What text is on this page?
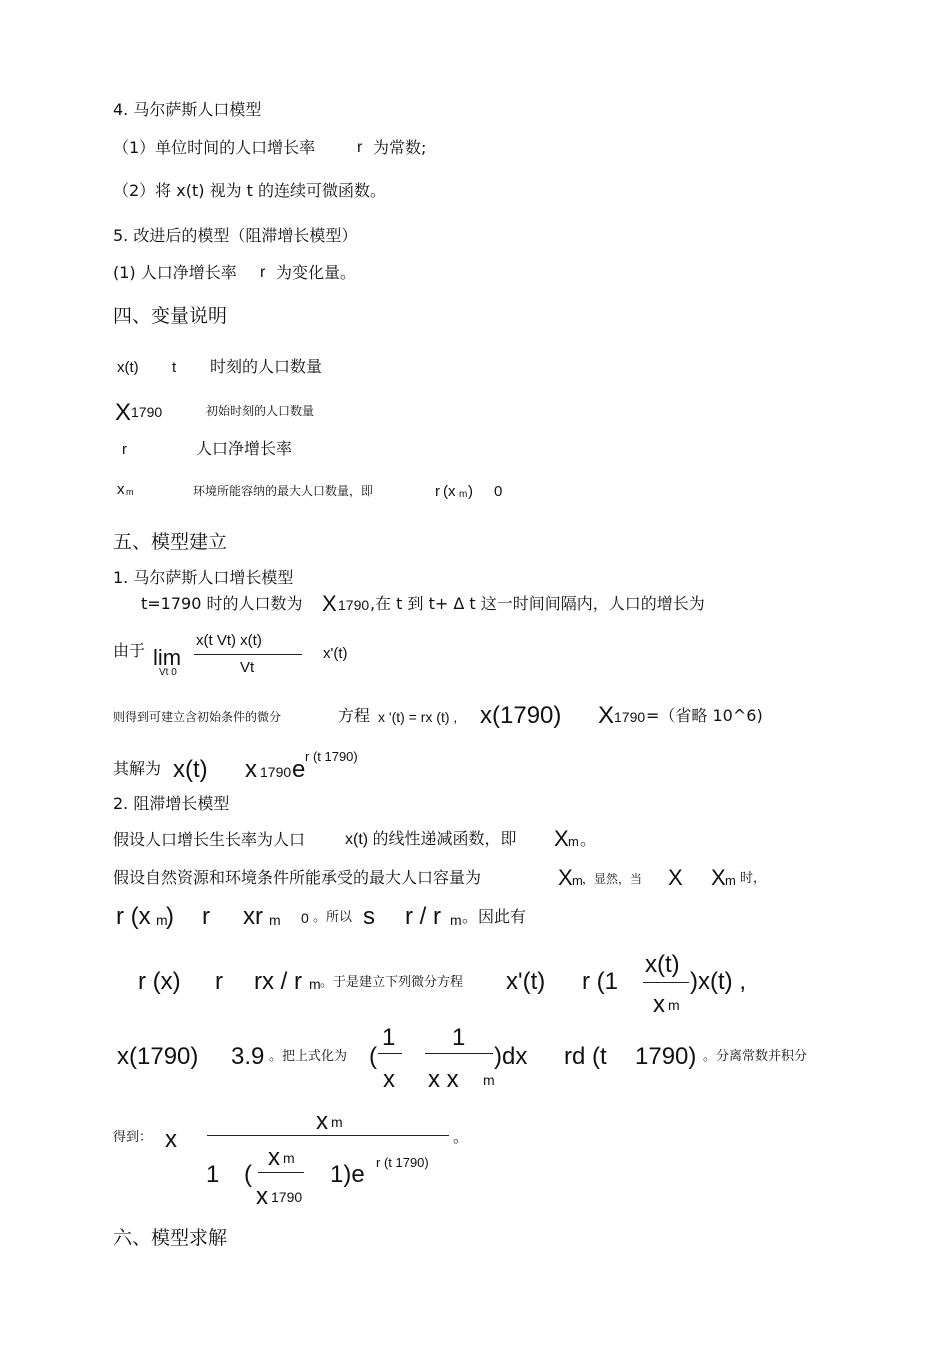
4. 马尔萨斯人口模型
（1）单位时间的人口增长率	r 为常数;
（2）将 x(t) 视为 t 的连续可微函数。
5. 改进后的模型（阻滞增长模型）
(1) 人口净增长率 r 为变化量。
四、变量说明
x(t) t 时刻的人口数量
X 1790	初始时刻的人口数量
r	人口净增长率
x m	环境所能容纳的最大人口数量，即	r (x m ) 0
五、模型建立
1. 马尔萨斯人口增长模型
t=1790 时的人口数为 X 1790 ,在 t 到 t+ Δ t 这一时间间隔内，人口的增长为
由于 lim
Vt 0
x(t Vt) x(t)
Vt
x'(t)
则得到可建立含初始条件的微分	方程 x '(t) = rx (t) , x(1790) X 1790 =（省略 10^6)
其解为 x(t) x 1790 e r (t 1790)
2. 阻滞增长模型
假设人口增长生长率为人口 x(t) 的线性递减函数，即 X m 。
假设自然资源和环境条件所能承受的最大人口容量为	X m ，显然，当 X X m 时，
r (x m
) r xr m 0 。所以 s r / r m 。因此有
r (x) r rx / r m 。于是建立下列微分方程 x'(t) r (1
x(t)
x m
)x(t) ,
x(1790) 3.9 。把上式化为 (
1
x
1
x x m
)dx rd (t 1790) 。分离常数并积分
得到： x
x m
。
1 (
x m
x 1790
1)e r (t 1790)
六、模型求解
